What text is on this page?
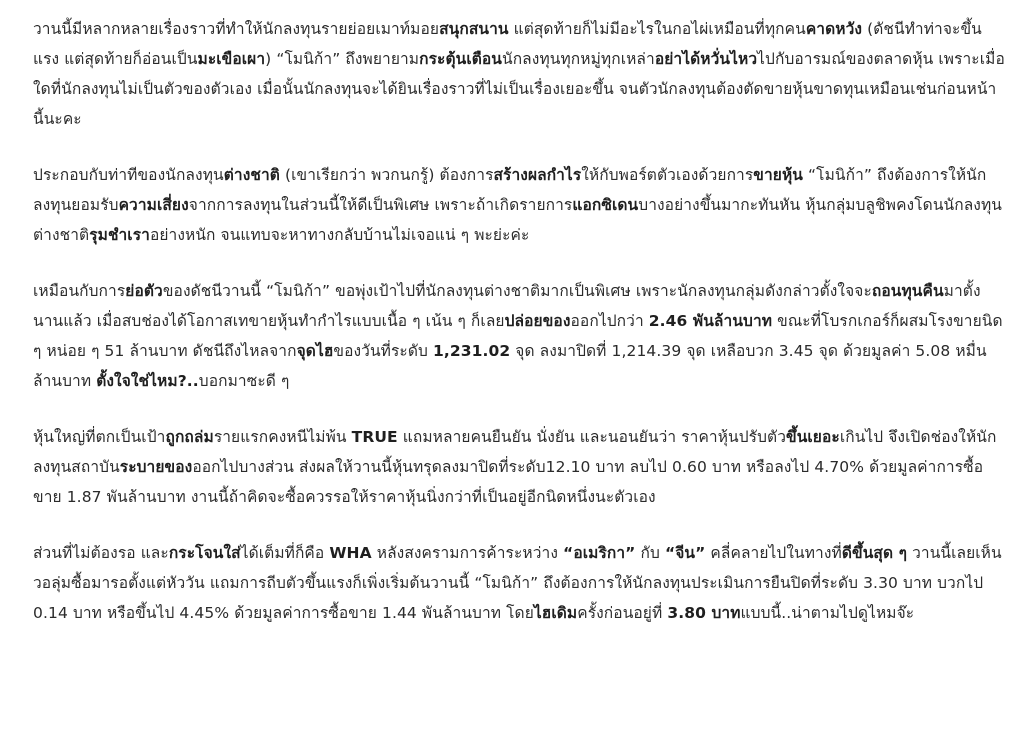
วานนี้มีหลากหลายเรื่องราวที่ทำให้นักลงทุนรายย่อยเมาท์มอยสนุกสนาน แต่สุดท้ายก็ไม่มีอะไรในกอไผ่เหมือนที่ทุกคนคาดหวัง (ดัชนีทำท่าจะขึ้นแรง แต่สุดท้ายก็อ่อนเป็นมะเขือเผา) “โมนิก้า” ถึงพยายามกระตุ้นเตือนนักลงทุนทุกหมู่ทุกเหล่าอย่าได้หวั่นไหวไปกับอารมณ์ของตลาดหุ้น เพราะเมื่อใดที่นักลงทุนไม่เป็นตัวของตัวเอง เมื่อนั้นนักลงทุนจะได้ยินเรื่องราวที่ไม่เป็นเรื่องเยอะขึ้น จนตัวนักลงทุนต้องตัดขายหุ้นขาดทุนเหมือนเช่นก่อนหน้านี้นะคะ

ประกอบกับท่าทีของนักลงทุนต่างชาติ (เขาเรียกว่า พวกนกรู้) ต้องการสร้างผลกำไรให้กับพอร์ตตัวเองด้วยการขายหุ้น “โมนิก้า” ถึงต้องการให้นักลงทุนยอมรับความเสี่ยงจากการลงทุนในส่วนนี้ให้ดีเป็นพิเศษ เพราะถ้าเกิดรายการแอกซิเดนบางอย่างขึ้นมากะทันหัน หุ้นกลุ่มบลูชิพคงโดนนักลงทุนต่างชาติรุมชำเราอย่างหนัก จนแทบจะหาทางกลับบ้านไม่เจอแน่ ๆ พะย่ะค่ะ

เหมือนกับการย่อตัวของดัชนีวานนี้ “โมนิก้า” ขอพุ่งเป้าไปที่นักลงทุนต่างชาติมากเป็นพิเศษ เพราะนักลงทุนกลุ่มดังกล่าวตั้งใจจะถอนทุนคืนมาตั้งนานแล้ว เมื่อสบช่องได้โอกาสเทขายหุ้นทำกำไรแบบเนื้อ ๆ เน้น ๆ ก็เลยปล่อยของออกไปกว่า 2.46 พันล้านบาท ขณะที่โบรกเกอร์ก็ผสมโรงขายนิด ๆ หน่อย ๆ 51 ล้านบาท ดัชนีถึงไหลจากจุดไฮของวันที่ระดับ 1,231.02 จุด ลงมาปิดที่ 1,214.39 จุด เหลือบวก 3.45 จุด ด้วยมูลค่า 5.08 หมื่นล้านบาท ตั้งใจใช่ไหม?..บอกมาซะดี ๆ

หุ้นใหญ่ที่ตกเป็นเป้าถูกถล่มรายแรกคงหนีไม่พ้น TRUE แถมหลายคนยืนยัน นั่งยัน และนอนยันว่า ราคาหุ้นปรับตัวขึ้นเยอะเกินไป จึงเปิดช่องให้นักลงทุนสถาบันระบายของออกไปบางส่วน ส่งผลให้วานนี้หุ้นทรุดลงมาปิดที่ระดับ12.10 บาท ลบไป 0.60 บาท หรือลงไป 4.70% ด้วยมูลค่าการซื้อขาย 1.87 พันล้านบาท งานนี้ถ้าคิดจะซื้อควรรอให้ราคาหุ้นนิ่งกว่าที่เป็นอยู่อีกนิดหนึ่งนะตัวเอง

ส่วนที่ไม่ต้องรอ และกระโจนใส่ได้เต็มที่ก็คือ WHA หลังสงครามการค้าระหว่าง “อเมริกา” กับ “จีน” คลี่คลายไปในทางที่ดีขึ้นสุด ๆ วานนี้เลยเห็นวอลุ่มซื้อมารอตั้งแต่หัววัน แถมการถีบตัวขึ้นแรงก็เพิ่งเริ่มต้นวานนี้ “โมนิก้า” ถึงต้องการให้นักลงทุนประเมินการยืนปิดที่ระดับ 3.30 บาท บวกไป 0.14 บาท หรือขึ้นไป 4.45% ด้วยมูลค่าการซื้อขาย 1.44 พันล้านบาท โดยไฮเดิมครั้งก่อนอยู่ที่ 3.80 บาทแบบนี้..น่าตามไปดูไหมจ๊ะ
